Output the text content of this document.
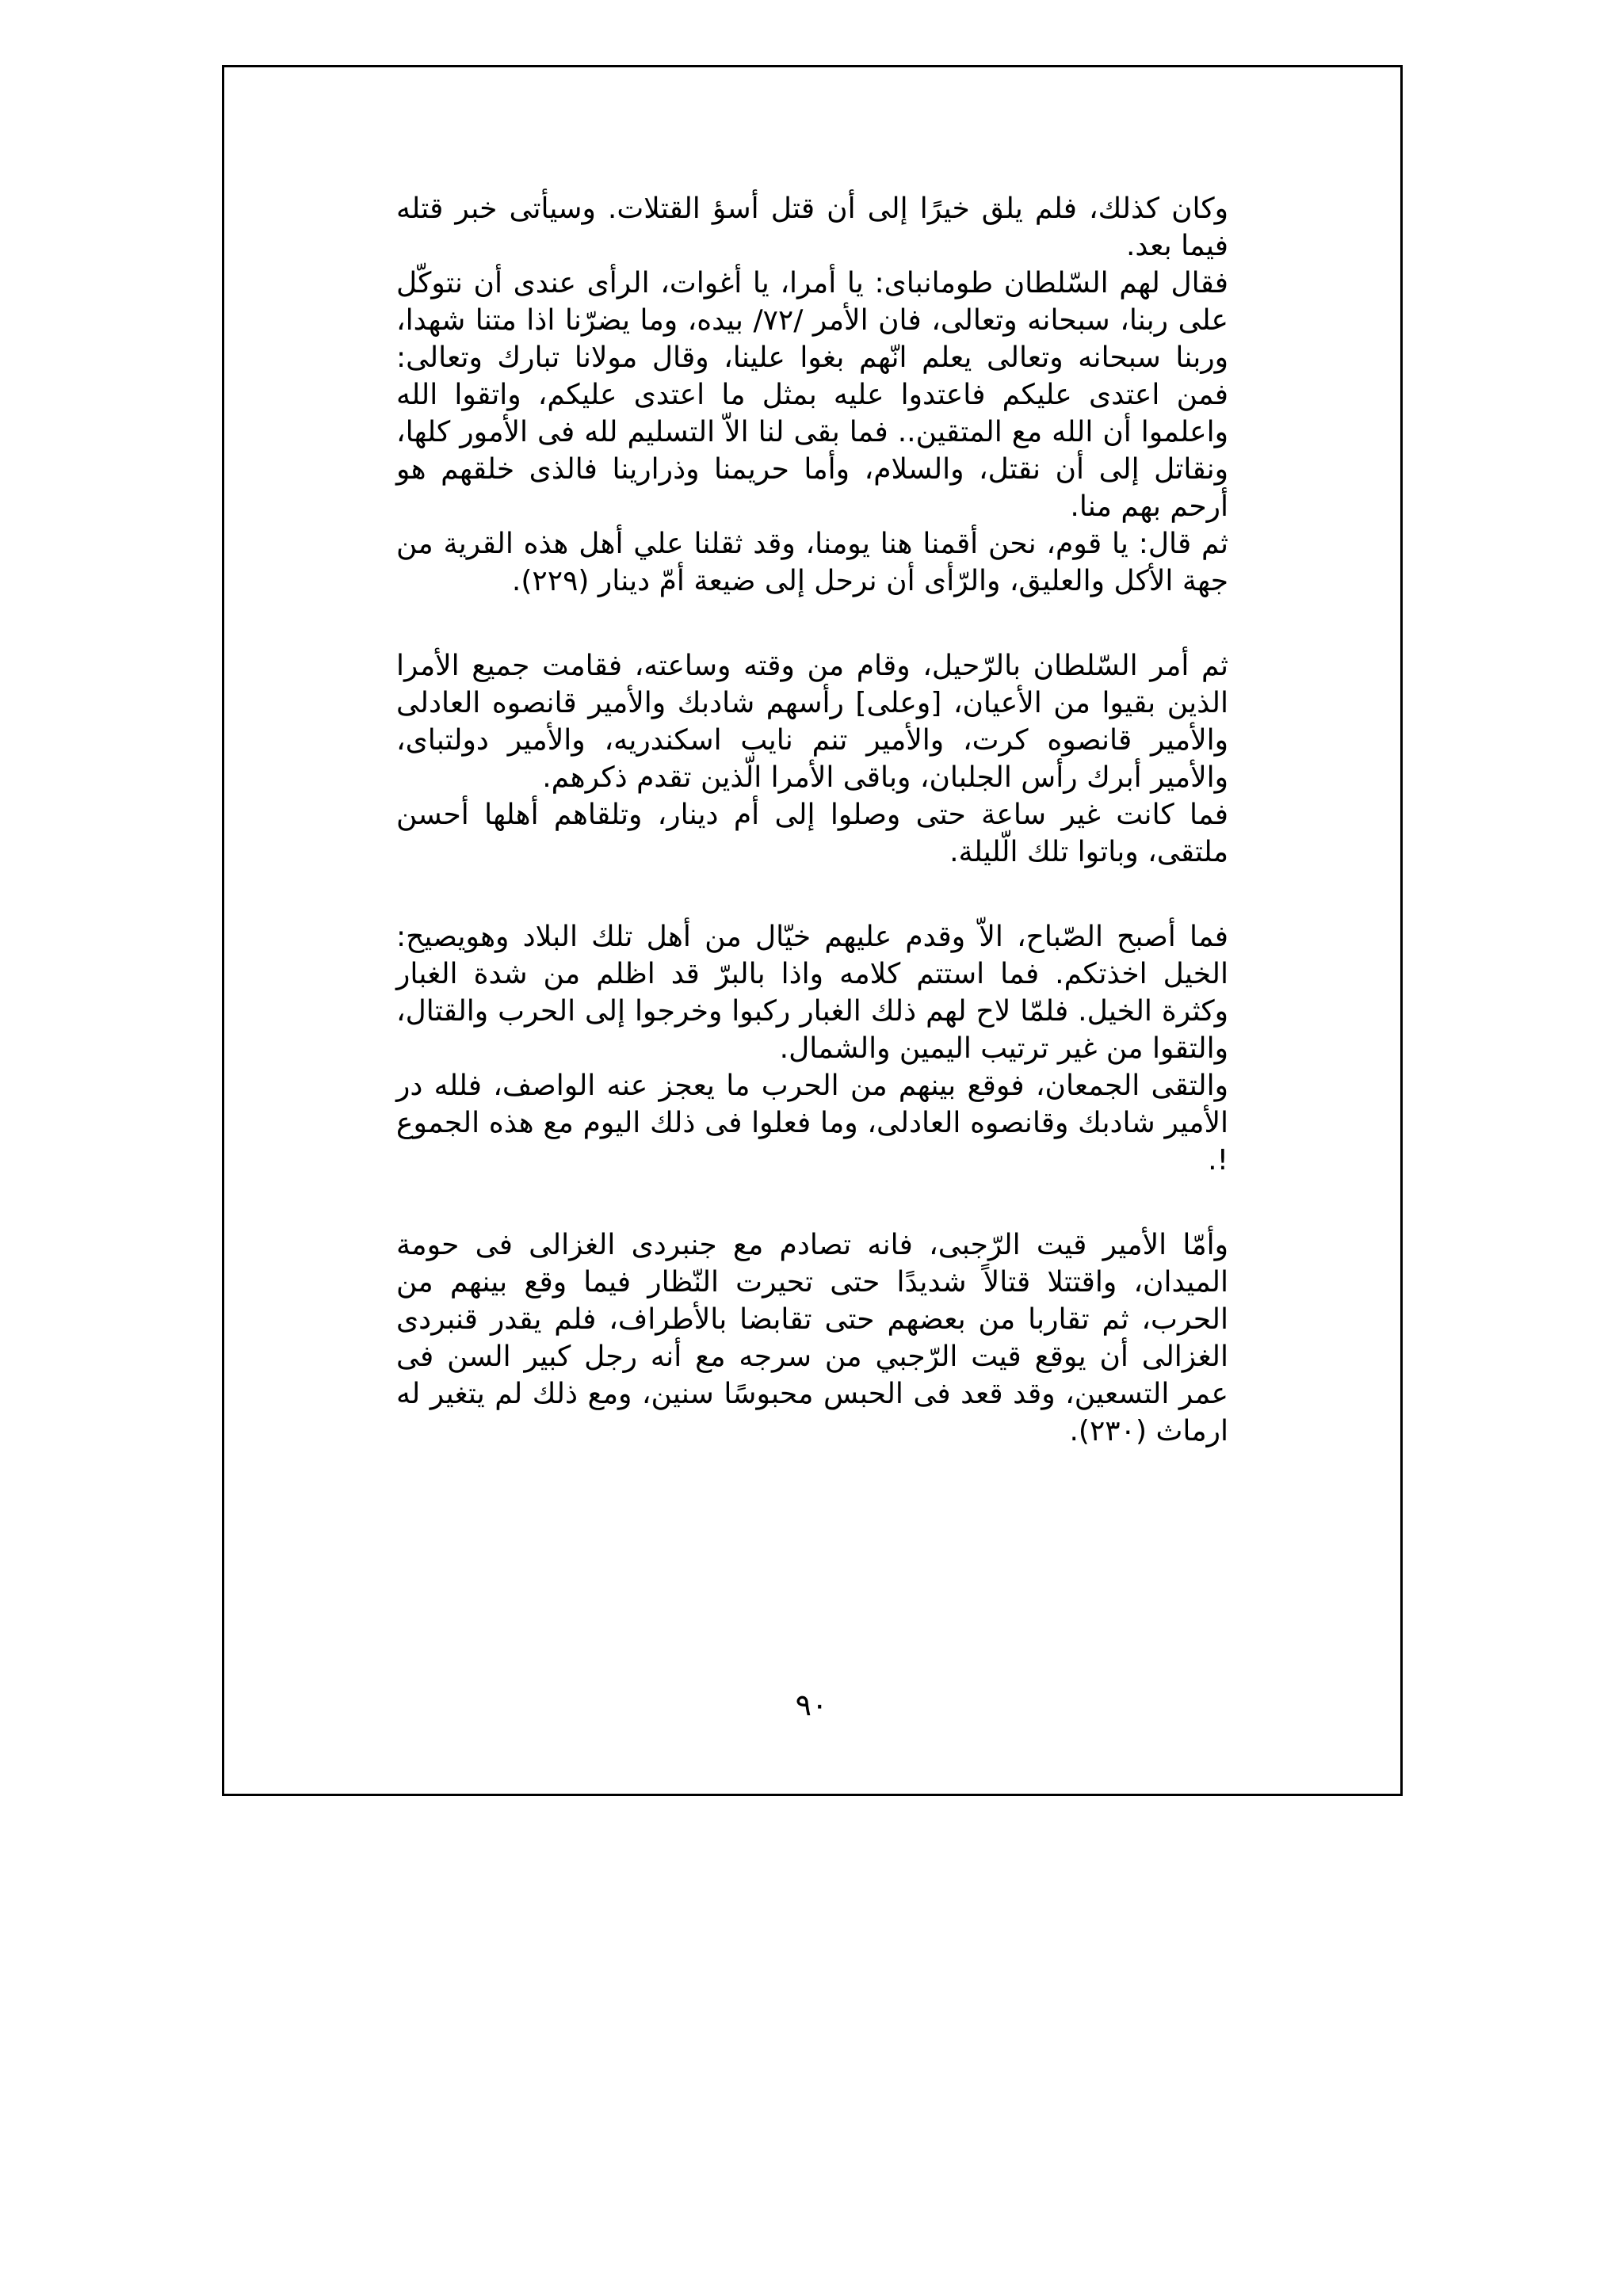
وكان كذلك، فلم يلق خيرًا إلى أن قتل أسؤ القتلات. وسيأتى خبر قتله فيما بعد.

فقال لهم السّلطان طومانباى: يا أمرا، يا أغوات، الرأى عندى أن نتوكّل على ربنا، سبحانه وتعالى، فان الأمر /٧٢/ بيده، وما يضرّنا اذا متنا شهدا، وربنا سبحانه وتعالى يعلم انّهم بغوا علينا، وقال مولانا تبارك وتعالى: فمن اعتدى عليكم فاعتدوا عليه بمثل ما اعتدى عليكم، واتقوا الله واعلموا أن الله مع المتقين.. فما بقى لنا الاّ التسليم لله فى الأمور كلها، ونقاتل إلى أن نقتل، والسلام، وأما حريمنا وذرارينا فالذى خلقهم هو أرحم بهم منا.

ثم قال: يا قوم، نحن أقمنا هنا يومنا، وقد ثقلنا علي أهل هذه القرية من جهة الأكل والعليق، والرّأى أن نرحل إلى ضيعة أمّ دينار (٢٢٩).

ثم أمر السّلطان بالرّحيل، وقام من وقته وساعته، فقامت جميع الأمرا الذين بقيوا من الأعيان، [وعلى] رأسهم شادبك والأمير قانصوه العادلى والأمير قانصوه كرت، والأمير تنم نايب اسكندريه، والأمير دولتباى، والأمير أبرك رأس الجلبان، وباقى الأمرا الّذين تقدم ذكرهم.

فما كانت غير ساعة حتى وصلوا إلى أم دينار، وتلقاهم أهلها أحسن ملتقى، وباتوا تلك الّليلة.

فما أصبح الصّباح، الاّ وقدم عليهم خيّال من أهل تلك البلاد وهويصيح: الخيل اخذتكم. فما استتم كلامه واذا بالبرّ قد اظلم من شدة الغبار وكثرة الخيل. فلمّا لاح لهم ذلك الغبار ركبوا وخرجوا إلى الحرب والقتال، والتقوا من غير ترتيب اليمين والشمال.

والتقى الجمعان، فوقع بينهم من الحرب ما يعجز عنه الواصف، فلله در الأمير شادبك وقانصوه العادلى، وما فعلوا فى ذلك اليوم مع هذه الجموع !.

وأمّا الأمير قيت الرّجبى، فانه تصادم مع جنبردى الغزالى فى حومة الميدان، واقتتلا قتالاً شديدًا حتى تحيرت النّظار فيما وقع بينهم من الحرب، ثم تقاربا من بعضهم حتى تقابضا بالأطراف، فلم يقدر قنبردى الغزالى أن يوقع قيت الرّجبي من سرجه مع أنه رجل كبير السن فى عمر التسعين، وقد قعد فى الحبس محبوسًا سنين، ومع ذلك لم يتغير له ارماث (٢٣٠).

٩٠
